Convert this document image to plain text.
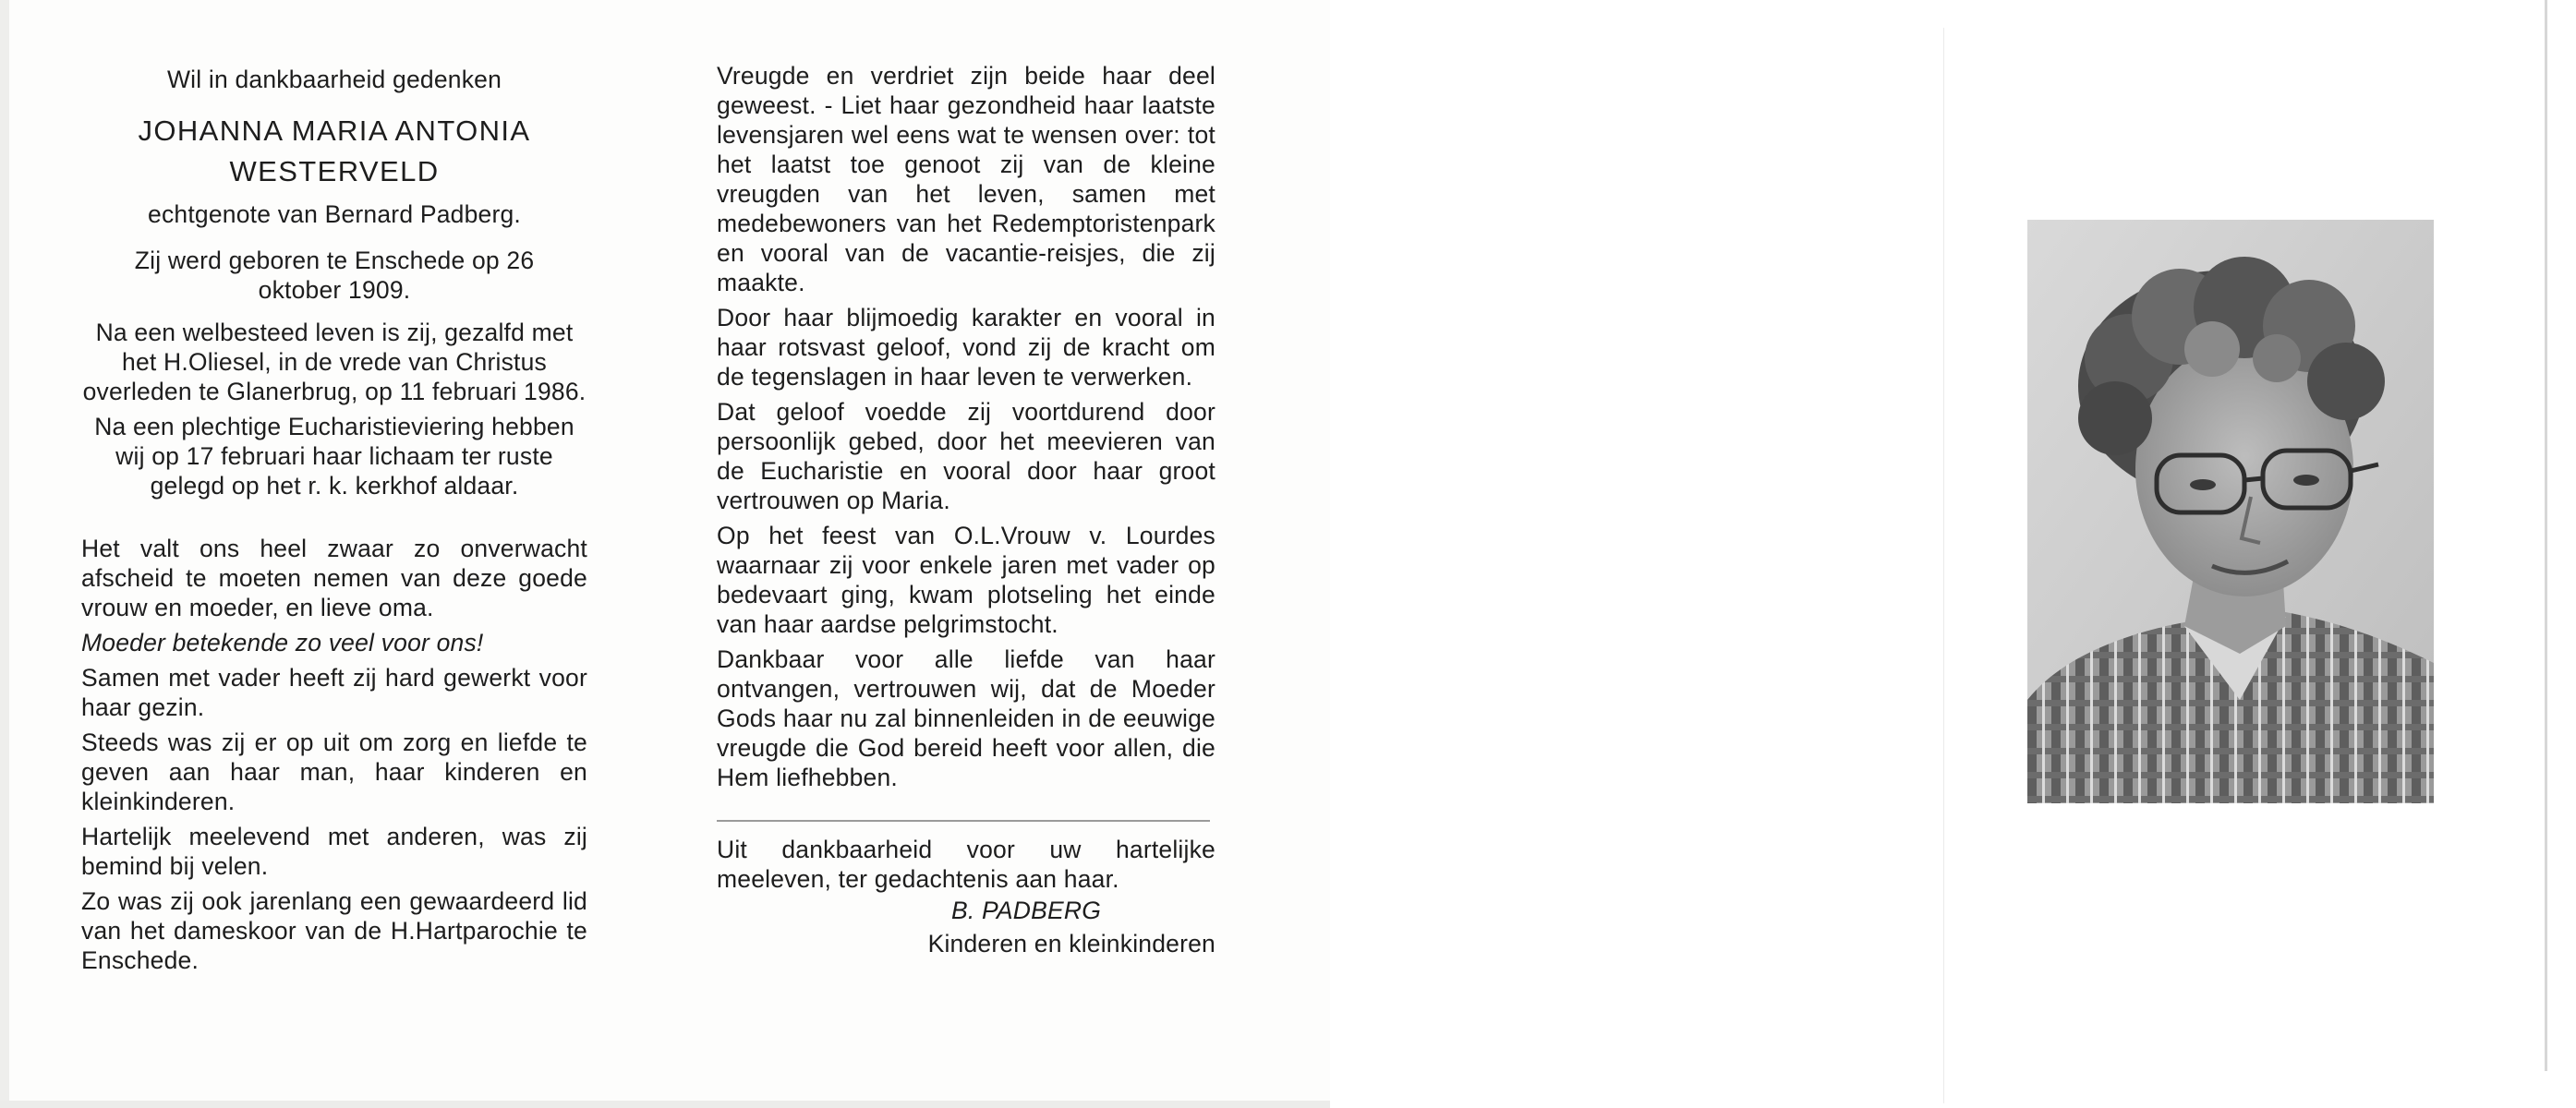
Wil in dankbaarheid gedenken

JOHANNA MARIA ANTONIA

WESTERVELD

echtgenote van Bernard Padberg.

Zij werd geboren te Enschede op 26 oktober 1909.

Na een welbesteed leven is zij, gezalfd met het H.Oliesel, in de vrede van Christus overleden te Glanerbrug, op 11 februari 1986.

Na een plechtige Eucharistieviering hebben wij op 17 februari haar lichaam ter ruste gelegd op het r. k. kerkhof aldaar.

Het valt ons heel zwaar zo onverwacht afscheid te moeten nemen van deze goede vrouw en moeder, en lieve oma.

Moeder betekende zo veel voor ons!

Samen met vader heeft zij hard gewerkt voor haar gezin.

Steeds was zij er op uit om zorg en liefde te geven aan haar man, haar kinderen en kleinkinderen.

Hartelijk meelevend met anderen, was zij bemind bij velen.

Zo was zij ook jarenlang een gewaardeerd lid van het dameskoor van de H.Hartparochie te Enschede.

Vreugde en verdriet zijn beide haar deel geweest. - Liet haar gezondheid haar laatste levensjaren wel eens wat te wensen over: tot het laatst toe genoot zij van de kleine vreugden van het leven, samen met medebewoners van het Redemptoristenpark en vooral van de vacantie-reisjes, die zij maakte.

Door haar blijmoedig karakter en vooral in haar rotsvast geloof, vond zij de kracht om de tegenslagen in haar leven te verwerken.

Dat geloof voedde zij voortdurend door persoonlijk gebed, door het meevieren van de Eucharistie en vooral door haar groot vertrouwen op Maria.

Op het feest van O.L.Vrouw v. Lourdes waarnaar zij voor enkele jaren met vader op bedevaart ging, kwam plotseling het einde van haar aardse pelgrimstocht.

Dankbaar voor alle liefde van haar ontvangen, vertrouwen wij, dat de Moeder Gods haar nu zal binnenleiden in de eeuwige vreugde die God bereid heeft voor allen, die Hem liefhebben.

Uit dankbaarheid voor uw hartelijke meeleven, ter gedachtenis aan haar.

B. PADBERG

Kinderen en kleinkinderen
